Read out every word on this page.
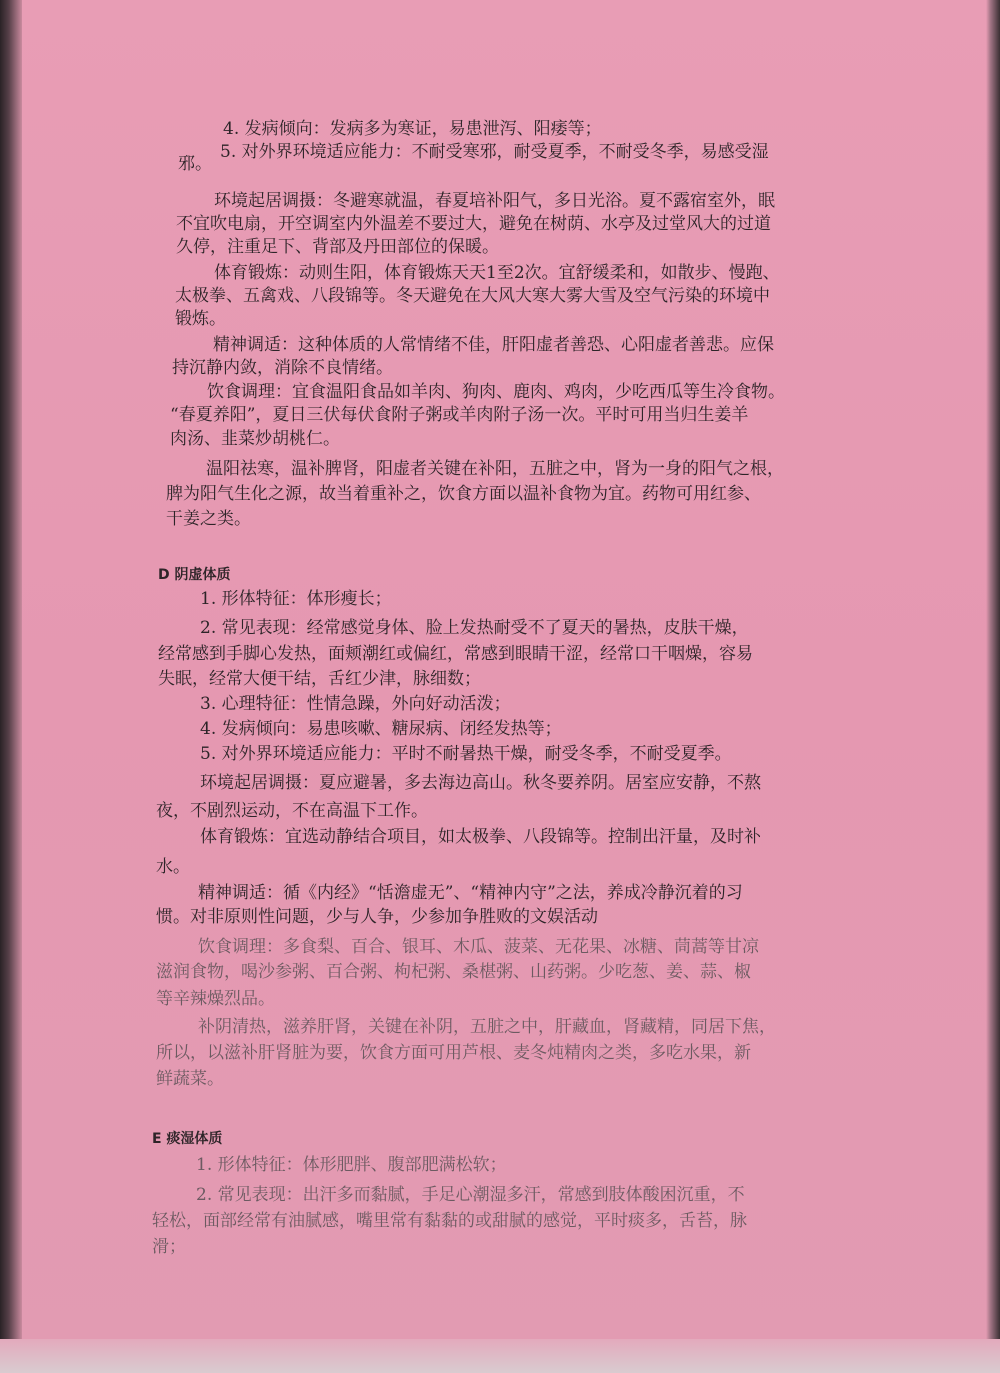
4. 发病倾向：发病多为寒证，易患泄泻、阳痿等；
5. 对外界环境适应能力：不耐受寒邪，耐受夏季，不耐受冬季，易感受湿
邪。
环境起居调摄：冬避寒就温，春夏培补阳气，多日光浴。夏不露宿室外，眠
不宜吹电扇，开空调室内外温差不要过大，避免在树荫、水亭及过堂风大的过道
久停，注重足下、背部及丹田部位的保暖。
体育锻炼：动则生阳，体育锻炼天天1至2次。宜舒缓柔和，如散步、慢跑、
太极拳、五禽戏、八段锦等。冬天避免在大风大寒大雾大雪及空气污染的环境中
锻炼。
精神调适：这种体质的人常情绪不佳，肝阳虚者善恐、心阳虚者善悲。应保
持沉静内敛，消除不良情绪。
饮食调理：宜食温阳食品如羊肉、狗肉、鹿肉、鸡肉，少吃西瓜等生冷食物。
“春夏养阳”，夏日三伏每伏食附子粥或羊肉附子汤一次。平时可用当归生姜羊
肉汤、韭菜炒胡桃仁。
温阳祛寒，温补脾肾，阳虚者关键在补阳，五脏之中，肾为一身的阳气之根，
脾为阳气生化之源，故当着重补之，饮食方面以温补食物为宜。药物可用红参、
干姜之类。
D 阴虚体质
1. 形体特征：体形瘦长；
2. 常见表现：经常感觉身体、脸上发热耐受不了夏天的暑热，皮肤干燥，
经常感到手脚心发热，面颊潮红或偏红，常感到眼睛干涩，经常口干咽燥，容易
失眠，经常大便干结，舌红少津，脉细数；
3. 心理特征：性情急躁，外向好动活泼；
4. 发病倾向：易患咳嗽、糖尿病、闭经发热等；
5. 对外界环境适应能力：平时不耐暑热干燥，耐受冬季，不耐受夏季。
环境起居调摄：夏应避暑，多去海边高山。秋冬要养阴。居室应安静，不熬
夜，不剧烈运动，不在高温下工作。
体育锻炼：宜选动静结合项目，如太极拳、八段锦等。控制出汗量，及时补
水。
精神调适：循《内经》“恬澹虚无”、“精神内守”之法，养成冷静沉着的习
惯。对非原则性问题，少与人争，少参加争胜败的文娱活动
饮食调理：多食梨、百合、银耳、木瓜、菠菜、无花果、冰糖、茼蒿等甘凉
滋润食物，喝沙参粥、百合粥、枸杞粥、桑椹粥、山药粥。少吃葱、姜、蒜、椒
等辛辣燥烈品。
补阴清热，滋养肝肾，关键在补阴，五脏之中，肝藏血，肾藏精，同居下焦，
所以，以滋补肝肾脏为要，饮食方面可用芦根、麦冬炖精肉之类，多吃水果，新
鲜蔬菜。
E 痰湿体质
1. 形体特征：体形肥胖、腹部肥满松软；
2. 常见表现：出汗多而黏腻，手足心潮湿多汗，常感到肢体酸困沉重，不
轻松，面部经常有油腻感，嘴里常有黏黏的或甜腻的感觉，平时痰多，舌苔，脉
滑；
